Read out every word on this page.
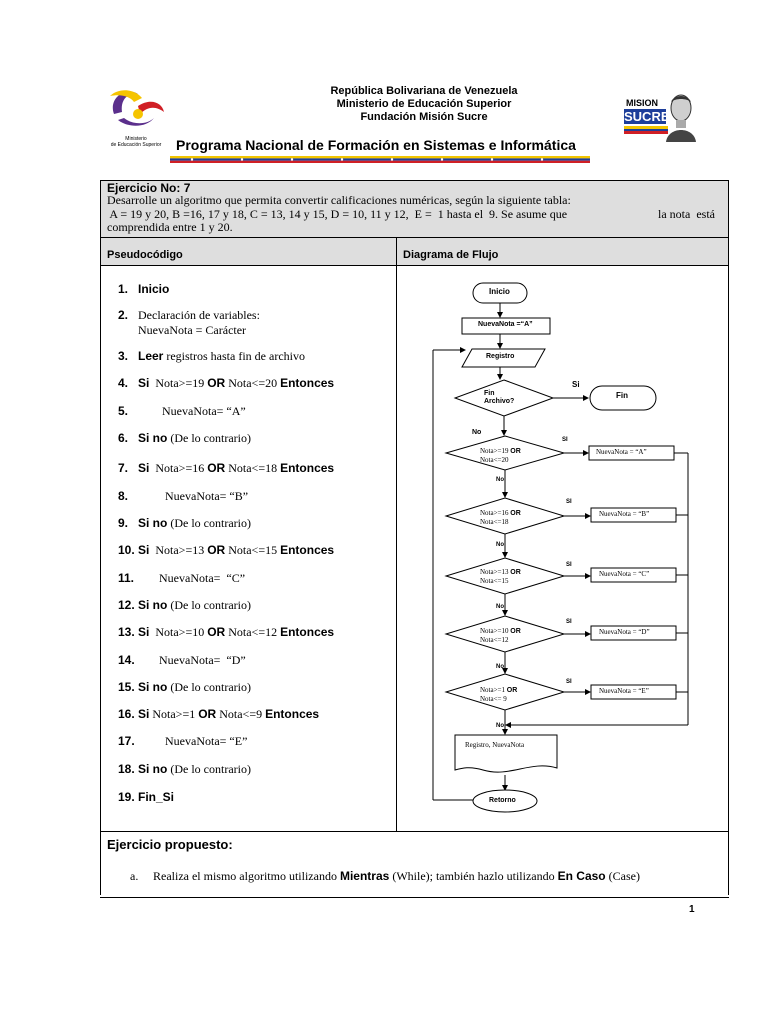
Ministerio
de Educación Superior
República Bolivariana de Venezuela
Ministerio de Educación Superior
Fundación Misión Sucre
Programa Nacional de Formación en Sistemas e Informática
MISION
SUCRE
Ejercicio No: 7
Desarrolle un algoritmo que permita convertir calificaciones numéricas, según la siguiente tabla:
A = 19 y 20, B =16, 17 y 18, C = 13, 14 y 15, D = 10, 11 y 12,  E =  1 hasta el  9. Se asume que	la nota  está
comprendida entre 1 y 20.
Pseudocódigo	Diagrama de Flujo
1. Inicio
2. Declaración de variables:
NuevaNota = Carácter
3. Leer registros hasta fin de archivo
4. Si  Nota>=19 OR Nota<=20 Entonces
5.        NuevaNota= “A”
6. Si no (De lo contrario)
7. Si  Nota>=16 OR Nota<=18 Entonces
8.         NuevaNota= “B”
9. Si no (De lo contrario)
10. Si  Nota>=13 OR Nota<=15 Entonces
11.       NuevaNota=  “C”
12. Si no (De lo contrario)
13. Si  Nota>=10 OR Nota<=12 Entonces
14.       NuevaNota=  “D”
15. Si no (De lo contrario)
16. Si Nota>=1 OR Nota<=9 Entonces
17.         NuevaNota= “E”
18. Si no (De lo contrario)
19. Fin_Si
Inicio
NuevaNota =“A”
Registro
Fin
Archivo?
Si
Fin
No
Nota>=19 OR
Nota<=20
NuevaNota = “A”
SI
No
Nota>=16 OR
Nota<=18
NuevaNota = “B”
SI
No
Nota>=13 OR
Nota<=15
NuevaNota = “C”
SI
No
Nota>=10 OR
Nota<=12
NuevaNota = “D”
SI
No
Nota>=1 OR
Nota<= 9
NuevaNota = “E”
SI
No
Registro, NuevaNota
Retorno
Ejercicio propuesto:
a. Realiza el mismo algoritmo utilizando Mientras (While); también hazlo utilizando En Caso (Case)
1
